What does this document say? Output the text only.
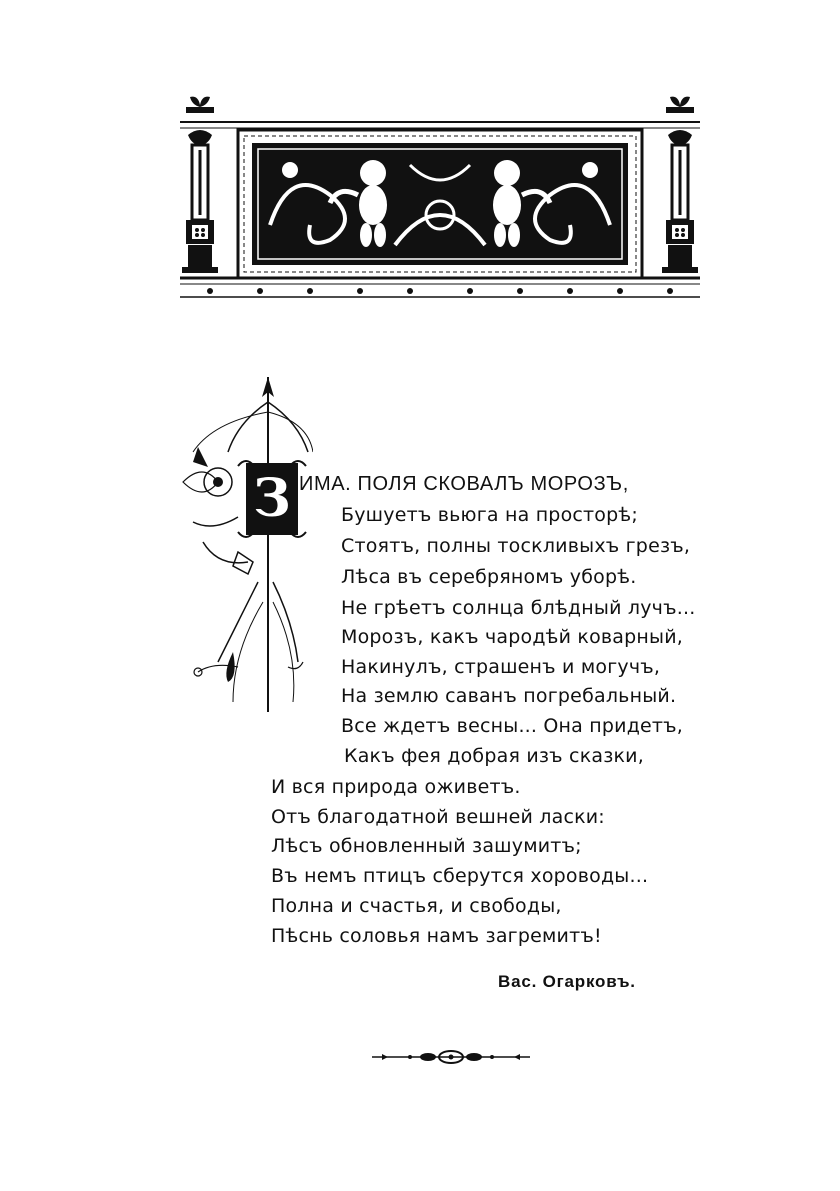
З ИМА. ПОЛЯ СКОВАЛЪ МОРОЗЪ,
Бушуетъ вьюга на просторѣ;
Стоятъ, полны тоскливыхъ грезъ,
Лѣса въ серебряномъ уборѣ.
Не грѣетъ солнца блѣдный лучъ...
Морозъ, какъ чародѣй коварный,
Накинулъ, страшенъ и могучъ,
На землю саванъ погребальный.
Все ждетъ весны... Она придетъ,
Какъ фея добрая изъ сказки,
И вся природа оживетъ.
Отъ благодатной вешней ласки:
Лѣсъ обновленный зашумитъ;
Въ немъ птицъ сберутся хороводы...
Полна и счастья, и свободы,
Пѣснь соловья намъ загремитъ!
Вас. Огарковъ.
